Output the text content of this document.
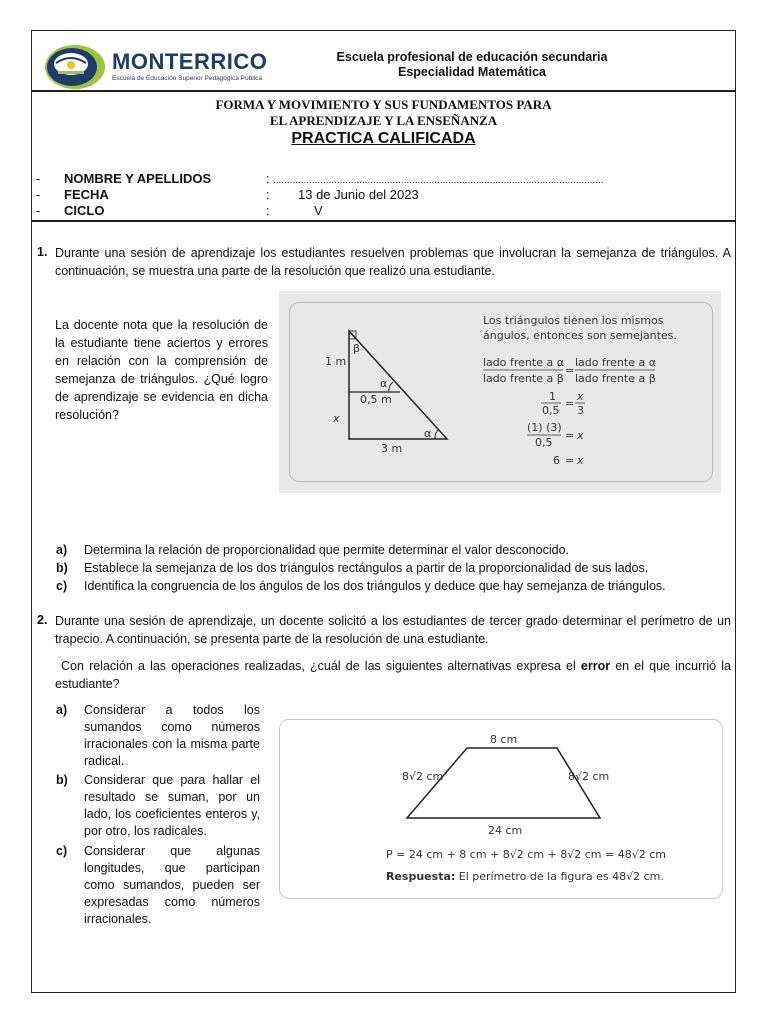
MONTERRICO
Escuela de Educación Superior Pedagógica Pública
Escuela profesional de educación secundaria
Especialidad Matemática
FORMA Y MOVIMIENTO Y SUS FUNDAMENTOS PARA
EL APRENDIZAJE Y LA ENSEÑANZA
PRACTICA CALIFICADA
- NOMBRE Y APELLIDOS	: .......................................................................................................................
- FECHA	: 13 de Junio del 2023
- CICLO	:	V
1. Durante una sesión de aprendizaje los estudiantes resuelven problemas que involucran la semejanza de triángulos. A continuación, se muestra una parte de la resolución que realizó una estudiante.
La docente nota que la resolución de la estudiante tiene aciertos y errores en relación con la comprensión de semejanza de triángulos. ¿Qué logro de aprendizaje se evidencia en dicha resolución?
β
1 m
α
0,5 m
x
α
3 m
Los triángulos tienen los mismos
ángulos, entonces son semejantes.
lado frente a α
lado frente a β
=
lado frente a α
lado frente a β
1
0,5
=
x
3
(1) (3)
0,5
= x
6 = x
a) Determina la relación de proporcionalidad que permite determinar el valor desconocido.
b) Establece la semejanza de los dos triángulos rectángulos a partir de la proporcionalidad de sus lados.
c) Identifica la congruencia de los ángulos de los dos triángulos y deduce que hay semejanza de triángulos.
2. Durante una sesión de aprendizaje, un docente solicitó a los estudiantes de tercer grado determinar el perímetro de un trapecio. A continuación, se presenta parte de la resolución de una estudiante.
Con relación a las operaciones realizadas, ¿cuál de las siguientes alternativas expresa el error en el que incurrió la estudiante?
a) Considerar a todos los sumandos como números irracionales con la misma parte radical.
b) Considerar que para hallar el resultado se suman, por un lado, los coeficientes enteros y, por otro, los radicales.
c) Considerar que algunas longitudes, que participan como sumandos, pueden ser expresadas como números irracionales.
8 cm
8√2 cm	8√2 cm
24 cm
P = 24 cm + 8 cm + 8√2 cm + 8√2 cm = 48√2 cm
Respuesta: El perímetro de la figura es 48√2 cm.
